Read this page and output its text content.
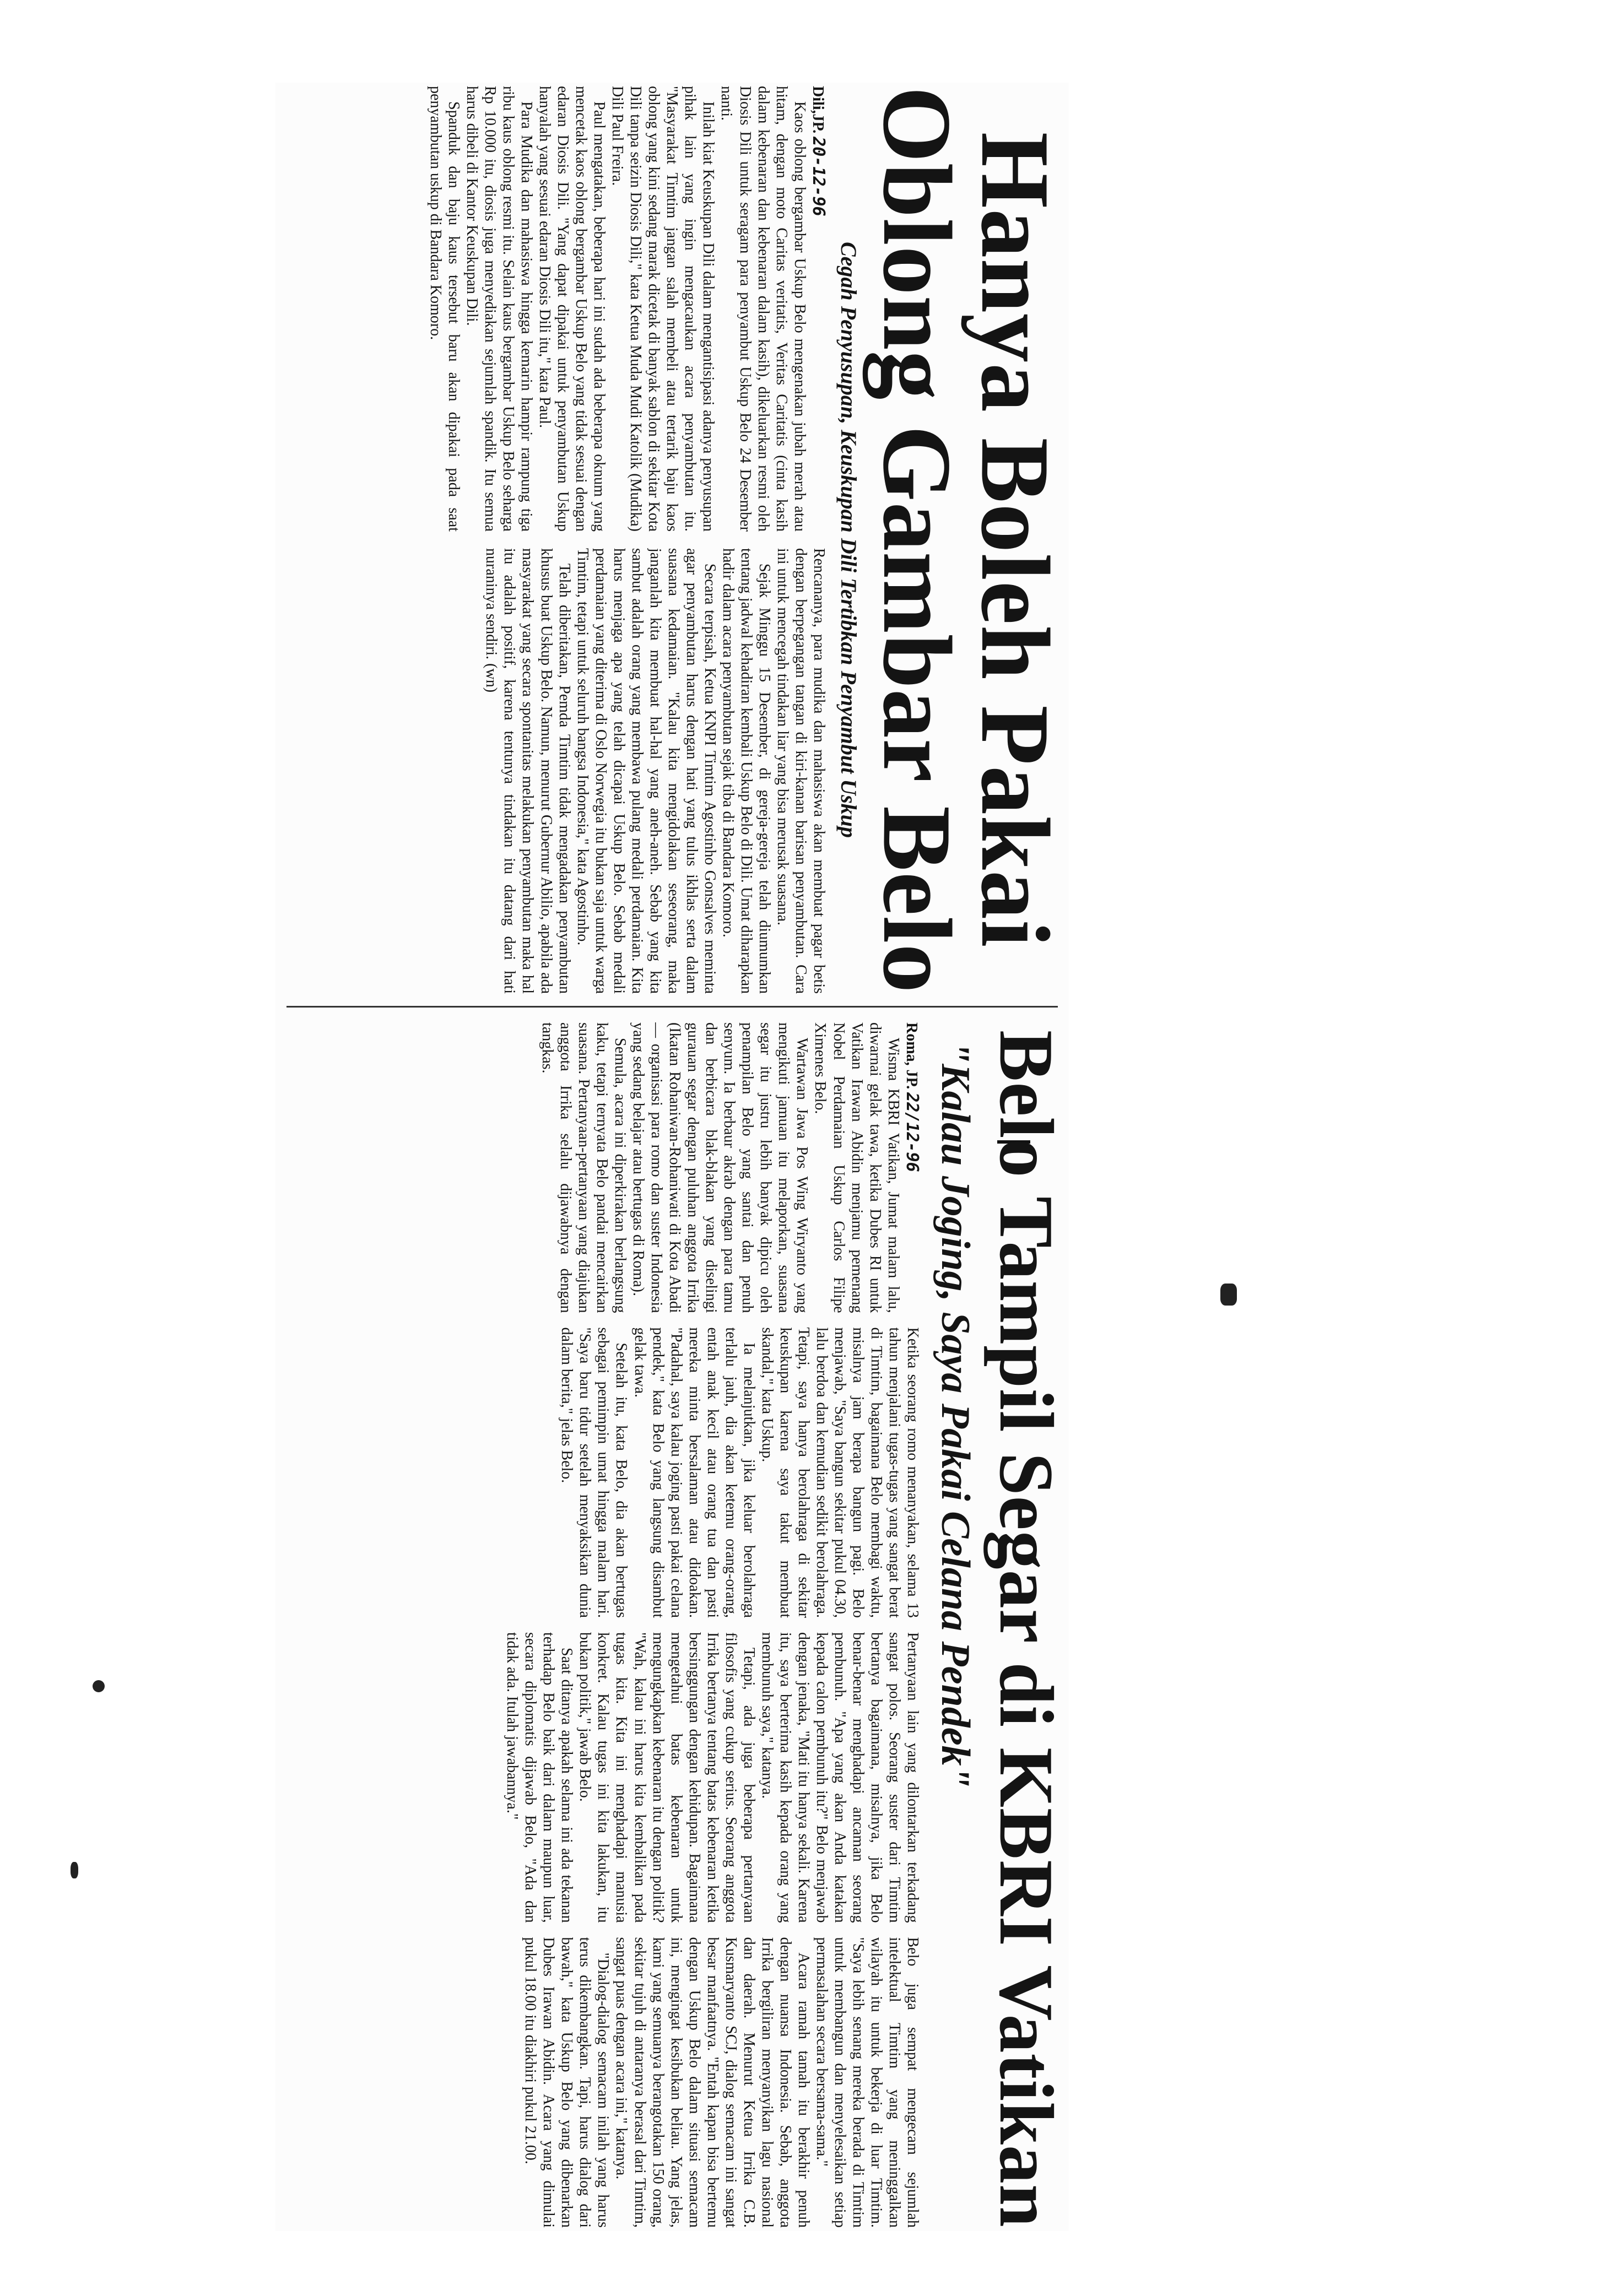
Hanya Boleh Pakai
Oblong Gambar Belo
Cegah Penyusupan, Keuskupan Dili Tertibkan Penyambut Uskup

Dili,JP.20-12-96

Kaos oblong bergambar Uskup Belo mengenakan jubah merah atau hitam, dengan moto Caritas veritatis, Veritas Caritatis (cinta kasih dalam kebenaran dan kebenaran dalam kasih), dikeluarkan resmi oleh Diosis Dili untuk seragam para penyambut Uskup Belo 24 Desember nanti.

Inilah kiat Keuskupan Dili dalam mengantisipasi adanya penyusupan pihak lain yang ingin mengacaukan acara penyambutan itu. "Masyarakat Timtim jangan salah membeli atau tertarik baju kaos oblong yang kini sedang marak dicetak di banyak sablon di sekitar Kota Dili tanpa seizin Diosis Dili," kata Ketua Muda Mudi Katolik (Mudika) Dili Paul Freira.

Paul mengatakan, beberapa hari ini sudah ada beberapa oknum yang mencetak kaos oblong bergambar Uskup Belo yang tidak sesuai dengan edaran Diosis Dili. "Yang dapat dipakai untuk penyambutan Uskup hanyalah yang sesuai edaran Diosis Dili itu," kata Paul.

Para Mudika dan mahasiswa hingga kemarin hampir rampung tiga ribu kaus oblong resmi itu. Selain kaus bergambar Uskup Belo seharga Rp 10.000 itu, diosis juga menyediakan sejumlah spandik. Itu semua harus dibeli di Kantor Keuskupan Dili.

Spanduk dan baju kaus tersebut baru akan dipakai pada saat penyambutan uskup di Bandara Komoro.

Rencananya, para mudika dan mahasiswa akan membuat pagar betis dengan berpegangan tangan di kiri-kanan barisan penyambutan. Cara ini untuk mencegah tindakan liar yang bisa merusak suasana.

Sejak Minggu 15 Desember, di gereja-gereja telah diumumkan tentang jadwal kehadiran kembali Uskup Belo di Dili. Umat diharapkan hadir dalam acara penyambutan sejak tiba di Bandara Komoro.

Secara terpisah, Ketua KNPI Timtim Agostinho Gonsalves meminta agar penyambutan harus dengan hati yang tulus ikhlas serta dalam suasana kedamaian. "Kalau kita mengidolakan seseorang, maka janganlah kita membuat hal-hal yang aneh-aneh. Sebab yang kita sambut adalah orang yang membawa pulang medali perdamaian. Kita harus menjaga apa yang telah dicapai Uskup Belo. Sebab medali perdamaian yang diterima di Oslo Norwegia itu bukan saja untuk warga Timtim, tetapi untuk seluruh bangsa Indonesia," kata Agostinho.

Telah diberitakan, Pemda Timtim tidak mengadakan penyambutan khusus buat Uskup Belo. Namun, menurut Gubernur Abilio, apabila ada masyarakat yang secara spontanitas melakukan penyambutan maka hal itu adalah positif, karena tentunya tindakan itu datang dari hati nuraninya sendiri. (wn)

Belo Tampil Segar di KBRI Vatikan
"Kalau Joging, Saya Pakai Celana Pendek"

Roma, JP.22/12-96

Wisma KBRI Vatikan, Jumat malam lalu, diwarnai gelak tawa, ketika Dubes RI untuk Vatikan Irawan Abidin menjamu pemenang Nobel Perdamaian Uskup Carlos Filipe Ximenes Belo.

Wartawan Jawa Pos Wing Wiryanto yang mengikuti jamuan itu melaporkan, suasana segar itu justru lebih banyak dipicu oleh penampilan Belo yang santai dan penuh senyum. Ia berbaur akrab dengan para tamu dan berbicara blak-blakan yang diselingi gurauan segar dengan puluhan anggota Irrika (Ikatan Rohaniwan-Rohaniwati di Kota Abadi — organisasi para romo dan suster Indonesia yang sedang belajar atau bertugas di Roma).

Semula, acara ini diperkirakan berlangsung kaku, tetapi ternyata Belo pandai mencairkan suasana. Pertanyaan-pertanyaan yang diajukan anggota Irrika selalu dijawabnya dengan tangkas.

Ketika seorang romo menanyakan, selama 13 tahun menjalani tugas-tugas yang sangat berat di Timtim, bagaimana Belo membagi waktu, misalnya jam berapa bangun pagi. Belo menjawab, "Saya bangun sekitar pukul 04.30, lalu berdoa dan kemudian sedikit berolahraga. Tetapi, saya hanya berolahraga di sekitar keuskupan karena saya takut membuat skandal," kata Uskup.

Ia melanjutkan, jika keluar berolahraga terlalu jauh, dia akan ketemu orang-orang, entah anak kecil atau orang tua dan pasti mereka minta bersalaman atau didoakan. "Padahal, saya kalau joging pasti pakai celana pendek," kata Belo yang langsung disambut gelak tawa.

Setelah itu, kata Belo, dia akan bertugas sebagai pemimpin umat hingga malam hari. "Saya baru tidur setelah menyaksikan dunia dalam berita," jelas Belo.

Pertanyaan lain yang dilontarkan terkadang sangat polos. Seorang suster dari Timtim bertanya bagaimana, misalnya, jika Belo benar-benar menghadapi ancaman seorang pembunuh. "Apa yang akan Anda katakan kepada calon pembunuh itu?" Belo menjawab dengan jenaka, "Mati itu hanya sekali. Karena itu, saya berterima kasih kepada orang yang membunuh saya," katanya.

Tetapi, ada juga beberapa pertanyaan filosofis yang cukup serius. Seorang anggota Irrika bertanya tentang batas kebenaran ketika bersinggungan dengan kehidupan. Bagaimana mengetahui batas kebenaran untuk mengungkapkan kebenaran itu dengan politik? "Wah, kalau ini harus kita kembalikan pada tugas kita. Kita ini menghadapi manusia konkret. Kalau tugas ini kita lakukan, itu bukan politik," jawab Belo.

Saat ditanya apakah selama ini ada tekanan terhadap Belo baik dari dalam maupun luar, secara diplomatis dijawab Belo, "Ada dan tidak ada. Itulah jawabannya."

Belo juga sempat mengecam sejumlah intelektual Timtim yang meninggalkan wilayah itu untuk bekerja di luar Timtim. "Saya lebih senang mereka berada di Timtim untuk membangun dan menyelesaikan setiap permasalahan secara bersama-sama."

Acara ramah tamah itu berakhir penuh dengan nuansa Indonesia. Sebab, anggota Irrika bergiliran menyanyikan lagu nasional dan daerah. Menurut Ketua Irrika C.B. Kusmaryanto SCJ, dialog semacam ini sangat besar manfaatnya. "Entah kapan bisa bertemu dengan Uskup Belo dalam situasi semacam ini, mengingat kesibukan beliau. Yang jelas, kami yang semuanya berangotakan 150 orang, sekitar tujuh di antaranya berasal dari Timtim, sangat puas dengan acara ini," katanya.

"Dialog-dialog semacam inilah yang harus terus dikembangkan. Tapi, harus dialog dari bawah," kata Uskup Belo yang dibenarkan Dubes Irawan Abidin. Acara yang dimulai pukul 18.00 itu diakhiri pukul 21.00.
